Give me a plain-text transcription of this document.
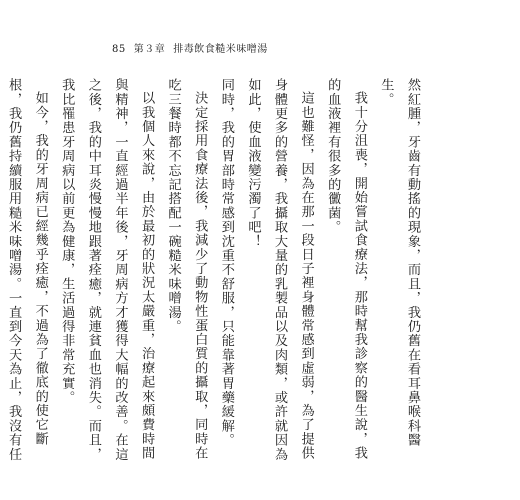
85 第３章 排毒飲食糙米味噌湯

然紅腫，牙齒有動搖的現象，而且，我仍舊在看耳鼻喉科醫生。

我十分沮喪，開始嘗試食療法，那時幫我診察的醫生說，我的血液裡有很多的黴菌。

這也難怪，因為在那一段日子裡身體常感到虛弱，為了提供身體更多的營養，我攝取大量的乳製品以及肉類，或許就因為如此，使血液變污濁了吧！

同時，我的胃部時常感到沈重不舒服，只能靠著胃藥緩解。

決定採用食療法後，我減少了動物性蛋白質的攝取，同時在吃三餐時都不忘記搭配一碗糙米味噌湯。

以我個人來說，由於最初的狀況太嚴重，治療起來頗費時間與精神，一直經過半年後，牙周病方才獲得大幅的改善。在這之後，我的中耳炎慢慢地跟著痊癒，就連貧血也消失。而且，我比罹患牙周病以前更為健康，生活過得非常充實。

如今，我的牙周病已經幾乎痊癒，不過為了徹底的使它斷根，我仍舊持續服用糙米味噌湯。一直到今天為止，我沒有任
